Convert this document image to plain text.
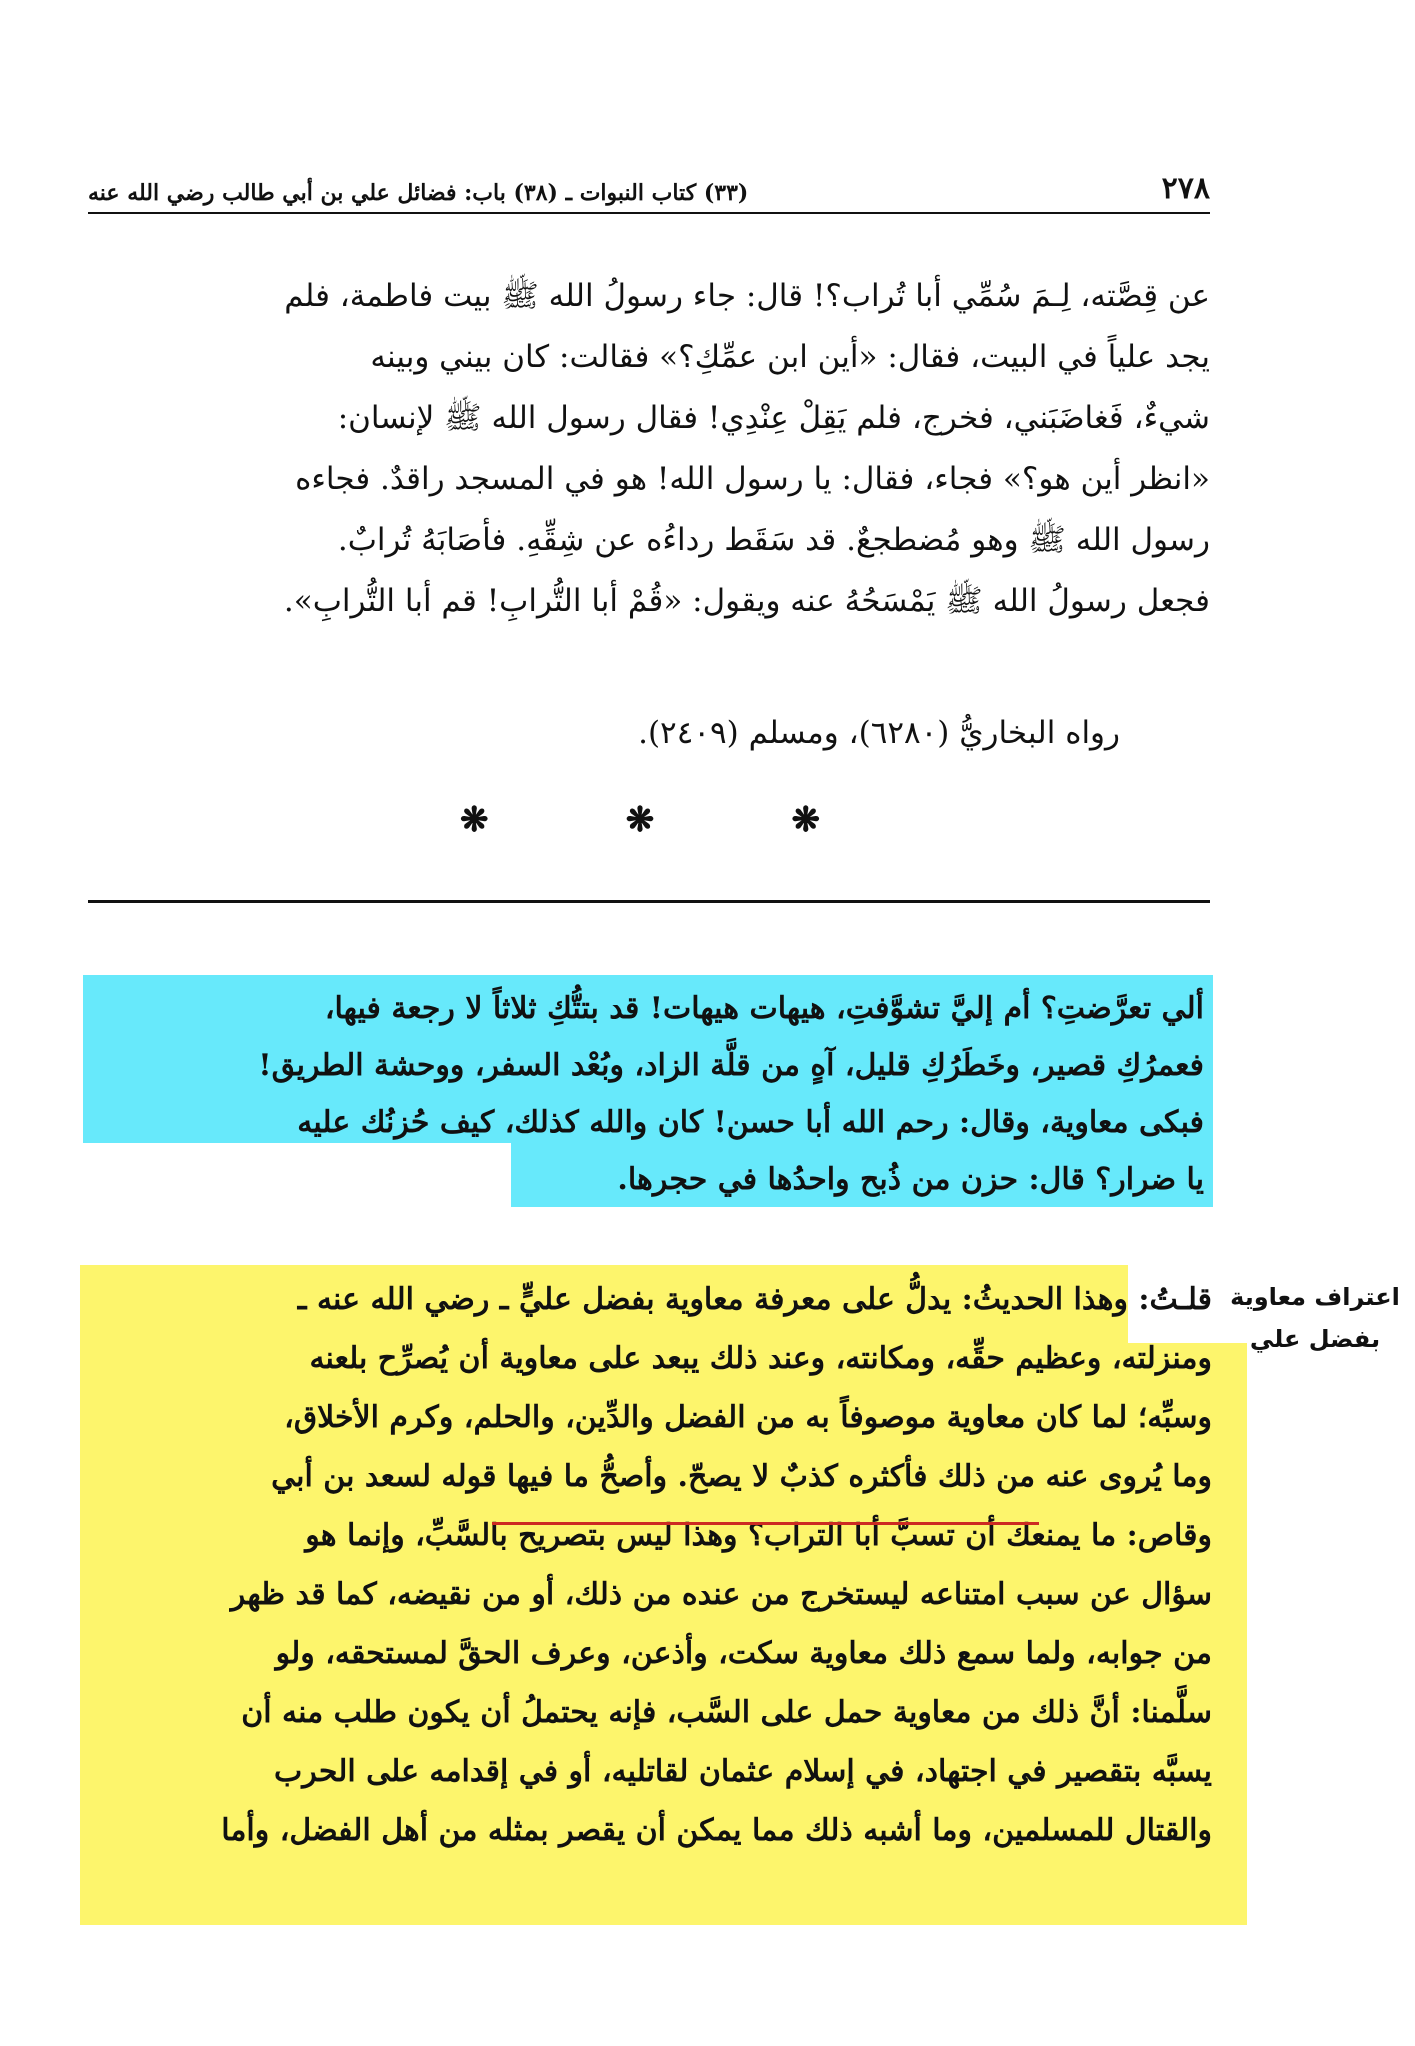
٢٧٨
(٣٣) كتاب النبوات ـ (٣٨) باب: فضائل علي بن أبي طالب رضي الله عنه

عن قِصَّته، لِـمَ سُمِّي أبا تُراب؟! قال: جاء رسولُ الله ﷺ بيت فاطمة، فلم

يجد علياً في البيت، فقال: «أين ابن عمِّكِ؟» فقالت: كان بيني وبينه

شيءٌ، فَغاضَبَني، فخرج، فلم يَقِلْ عِنْدِي! فقال رسول الله ﷺ لإنسان:

«انظر أين هو؟» فجاء، فقال: يا رسول الله! هو في المسجد راقدٌ. فجاءه

رسول الله ﷺ وهو مُضطجعٌ. قد سَقَط رداءُه عن شِقِّهِ. فأصَابَهُ تُرابٌ.

فجعل رسولُ الله ﷺ يَمْسَحُهُ عنه ويقول: «قُمْ أبا التُّرابِ! قم أبا التُّرابِ».

رواه البخاريُّ (٦٢٨٠)، ومسلم (٢٤٠٩).
❋
❋
❋

ألي تعرَّضتِ؟ أم إليَّ تشوَّفتِ، هيهات هيهات! قد بتتُّكِ ثلاثاً لا رجعة فيها،

فعمرُكِ قصير، وخَطَرُكِ قليل، آهٍ من قلَّة الزاد، وبُعْد السفر، ووحشة الطريق!

فبكى معاوية، وقال: رحم الله أبا حسن! كان والله كذلك، كيف حُزنُك عليه

يا ضرار؟ قال: حزن من ذُبح واحدُها في حجرها.

قلـتُ: وهذا الحديثُ: يدلُّ على معرفة معاوية بفضل عليٍّ ـ رضي الله عنه ـ

ومنزلته، وعظيم حقِّه، ومكانته، وعند ذلك يبعد على معاوية أن يُصرِّح بلعنه

وسبِّه؛ لما كان معاوية موصوفاً به من الفضل والدِّين، والحلم، وكرم الأخلاق،

وما يُروى عنه من ذلك فأكثره كذبٌ لا يصحّ. وأصحُّ ما فيها قوله لسعد بن أبي

وقاص: ما يمنعك أن تسبَّ أبا التراب؟ وهذا ليس بتصريح بالسَّبِّ، وإنما هو

سؤال عن سبب امتناعه ليستخرج من عنده من ذلك، أو من نقيضه، كما قد ظهر

من جوابه، ولما سمع ذلك معاوية سكت، وأذعن، وعرف الحقَّ لمستحقه، ولو

سلَّمنا: أنَّ ذلك من معاوية حمل على السَّب، فإنه يحتملُ أن يكون طلب منه أن

يسبَّه بتقصير في اجتهاد، في إسلام عثمان لقاتليه، أو في إقدامه على الحرب

والقتال للمسلمين، وما أشبه ذلك مما يمكن أن يقصر بمثله من أهل الفضل، وأما

اعتراف معاوية
بفضل علي
